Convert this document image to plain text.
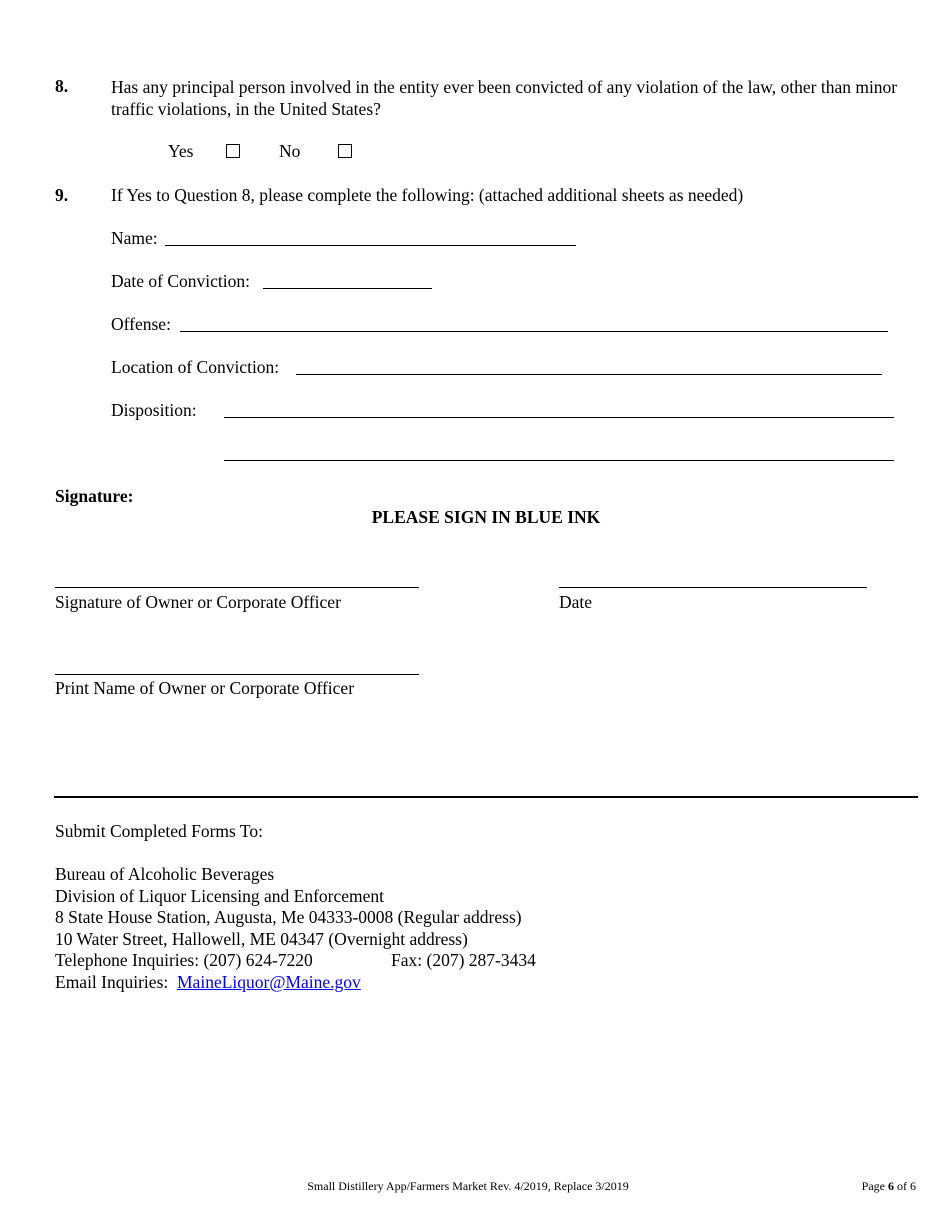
8. Has any principal person involved in the entity ever been convicted of any violation of the law, other than minor traffic violations, in the United States?
Yes	No
9. If Yes to Question 8, please complete the following: (attached additional sheets as needed)
Name:
Date of Conviction:
Offense:
Location of Conviction:
Disposition:
Signature:
PLEASE SIGN IN BLUE INK
Signature of Owner or Corporate Officer	Date
Print Name of Owner or Corporate Officer
Submit Completed Forms To:
Bureau of Alcoholic Beverages
Division of Liquor Licensing and Enforcement
8 State House Station, Augusta, Me 04333-0008 (Regular address)
10 Water Street, Hallowell, ME 04347 (Overnight address)
Telephone Inquiries: (207) 624-7220	Fax: (207) 287-3434
Email Inquiries: MaineLiquor@Maine.gov
Small Distillery App/Farmers Market Rev. 4/2019, Replace 3/2019	Page 6 of 6
